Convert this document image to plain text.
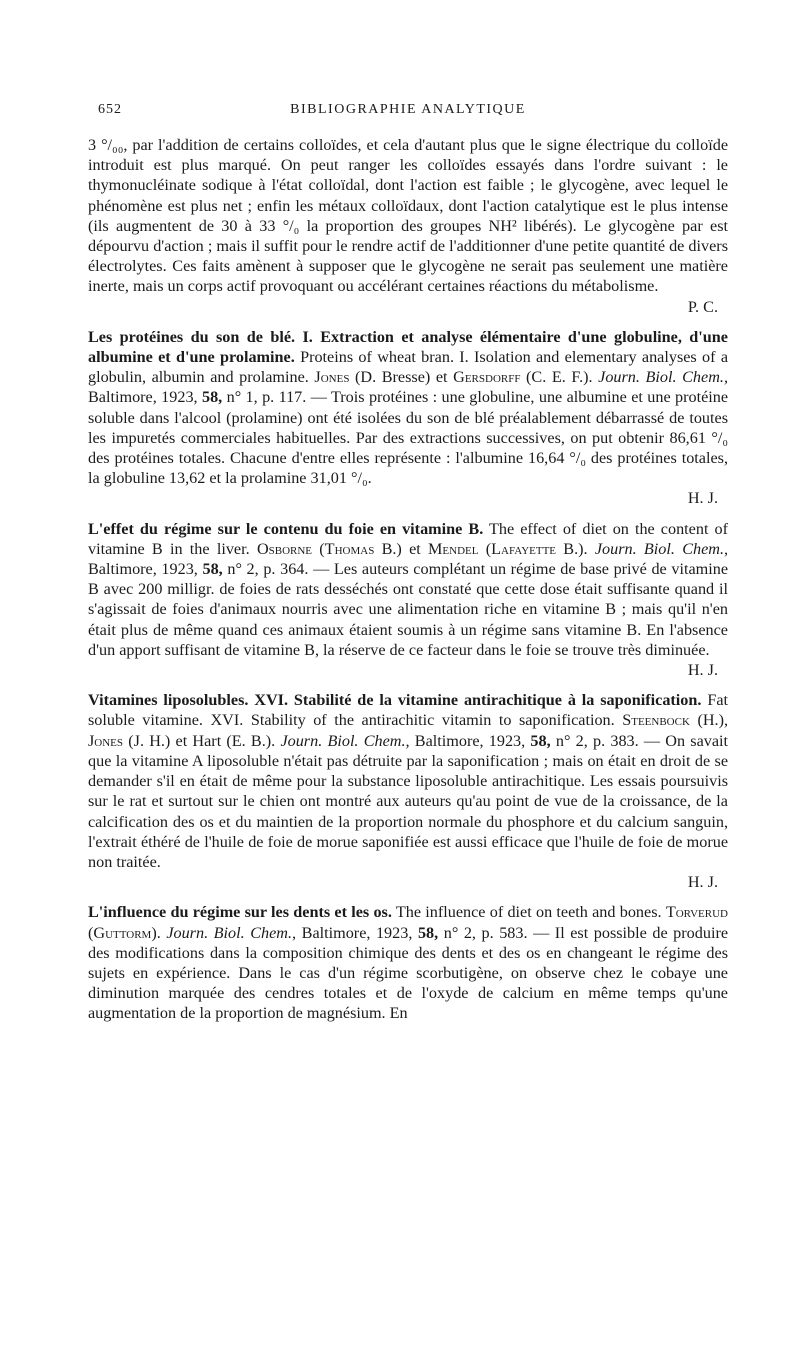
652	BIBLIOGRAPHIE ANALYTIQUE

3 °/₀₀, par l'addition de certains colloïdes, et cela d'autant plus que le signe électrique du colloïde introduit est plus marqué. On peut ranger les colloïdes essayés dans l'ordre suivant : le thymonucléinate sodique à l'état colloïdal, dont l'action est faible ; le glycogène, avec lequel le phénomène est plus net ; enfin les métaux colloïdaux, dont l'action catalytique est le plus intense (ils augmentent de 30 à 33 °/₀ la proportion des groupes NH² libérés). Le glycogène par est dépourvu d'action ; mais il suffit pour le rendre actif de l'additionner d'une petite quantité de divers électrolytes. Ces faits amènent à supposer que le glycogène ne serait pas seulement une matière inerte, mais un corps actif provoquant ou accélérant certaines réactions du métabolisme.

P. C.

Les protéines du son de blé. I. Extraction et analyse élémentaire d'une globuline, d'une albumine et d'une prolamine. Proteins of wheat bran. I. Isolation and elementary analyses of a globulin, albumin and prolamine. Jones (D. Bresse) et Gersdorff (C. E. F.). Journ. Biol. Chem., Baltimore, 1923, 58, n° 1, p. 117. — Trois protéines : une globuline, une albumine et une protéine soluble dans l'alcool (prolamine) ont été isolées du son de blé préalablement débarrassé de toutes les impuretés commerciales habituelles. Par des extractions successives, on put obtenir 86,61 °/₀ des protéines totales. Chacune d'entre elles représente : l'albumine 16,64 °/₀ des protéines totales, la globuline 13,62 et la prolamine 31,01 °/₀.

H. J.

L'effet du régime sur le contenu du foie en vitamine B. The effect of diet on the content of vitamine B in the liver. Osborne (Thomas B.) et Mendel (Lafayette B.). Journ. Biol. Chem., Baltimore, 1923, 58, n° 2, p. 364. — Les auteurs complétant un régime de base privé de vitamine B avec 200 milligr. de foies de rats desséchés ont constaté que cette dose était suffisante quand il s'agissait de foies d'animaux nourris avec une alimentation riche en vitamine B ; mais qu'il n'en était plus de même quand ces animaux étaient soumis à un régime sans vitamine B. En l'absence d'un apport suffisant de vitamine B, la réserve de ce facteur dans le foie se trouve très diminuée.

H. J.

Vitamines liposolubles. XVI. Stabilité de la vitamine antirachitique à la saponification. Fat soluble vitamine. XVI. Stability of the antirachitic vitamin to saponification. Steenbock (H.), Jones (J. H.) et Hart (E. B.). Journ. Biol. Chem., Baltimore, 1923, 58, n° 2, p. 383. — On savait que la vitamine A liposoluble n'était pas détruite par la saponification ; mais on était en droit de se demander s'il en était de même pour la substance liposoluble antirachitique. Les essais poursuivis sur le rat et surtout sur le chien ont montré aux auteurs qu'au point de vue de la croissance, de la calcification des os et du maintien de la proportion normale du phosphore et du calcium sanguin, l'extrait éthéré de l'huile de foie de morue saponifiée est aussi efficace que l'huile de foie de morue non traitée.

H. J.

L'influence du régime sur les dents et les os. The influence of diet on teeth and bones. Torverud (Guttorm). Journ. Biol. Chem., Baltimore, 1923, 58, n° 2, p. 583. — Il est possible de produire des modifications dans la composition chimique des dents et des os en changeant le régime des sujets en expérience. Dans le cas d'un régime scorbutigène, on observe chez le cobaye une diminution marquée des cendres totales et de l'oxyde de calcium en même temps qu'une augmentation de la proportion de magnésium. En
